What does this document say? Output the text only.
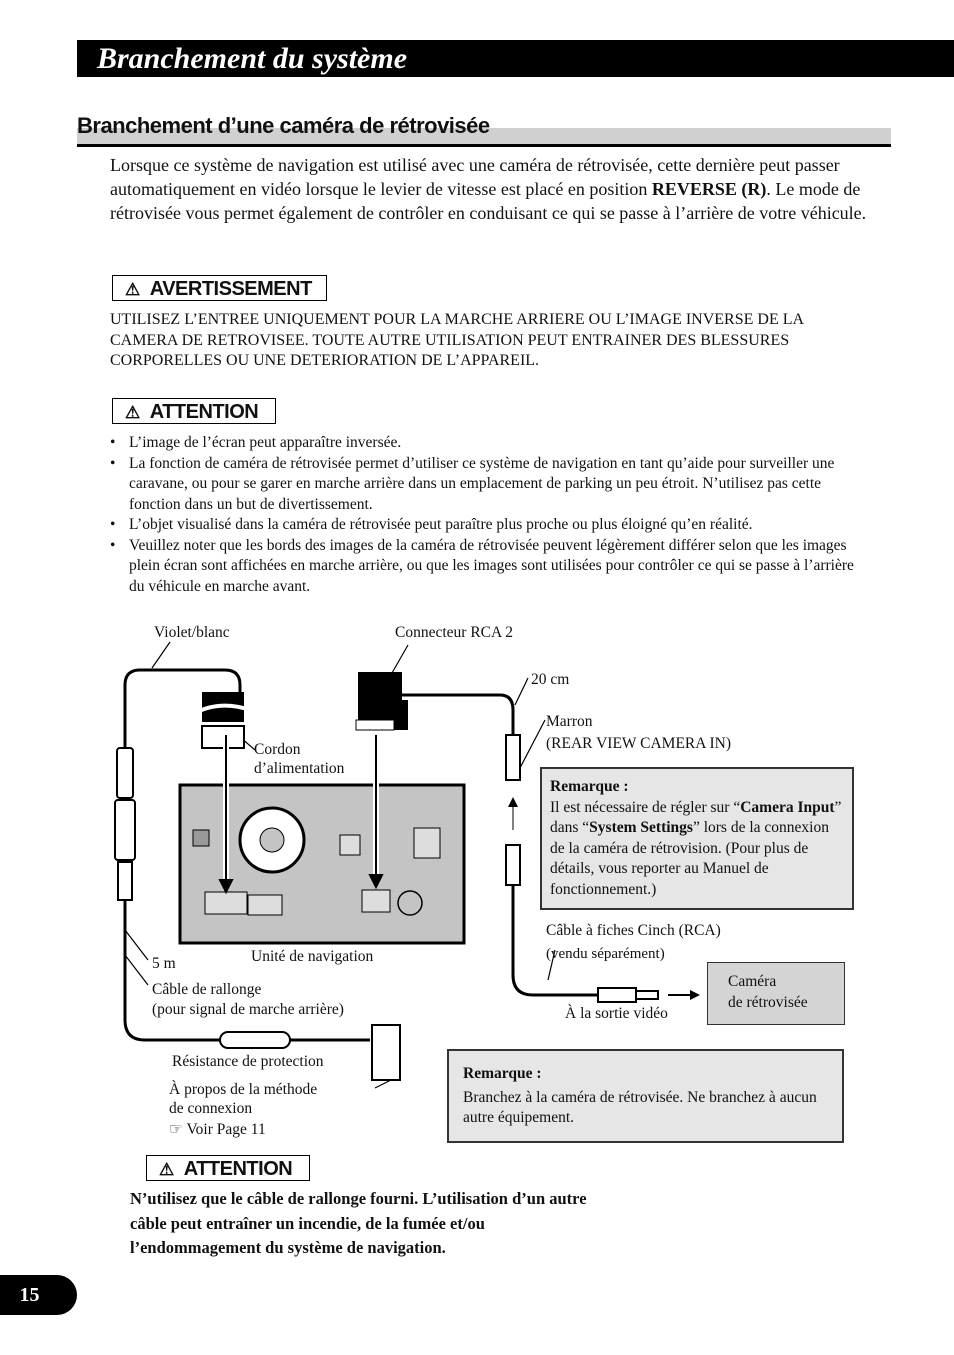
Branchement du système
Branchement d’une caméra de rétrovisée
Lorsque ce système de navigation est utilisé avec une caméra de rétrovisée, cette dernière peut passer automatiquement en vidéo lorsque le levier de vitesse est placé en position REVERSE (R). Le mode de rétrovisée vous permet également de contrôler en conduisant ce qui se passe à l’arrière de votre véhicule.
⚠ AVERTISSEMENT
UTILISEZ L’ENTREE UNIQUEMENT POUR LA MARCHE ARRIERE OU L’IMAGE INVERSE DE LA CAMERA DE RETROVISEE. TOUTE AUTRE UTILISATION PEUT ENTRAINER DES BLESSURES CORPORELLES OU UNE DETERIORATION DE L’APPAREIL.
⚠ ATTENTION
• L’image de l’écran peut apparaître inversée.
• La fonction de caméra de rétrovisée permet d’utiliser ce système de navigation en tant qu’aide pour surveiller une caravane, ou pour se garer en marche arrière dans un emplacement de parking un peu étroit. N’utilisez pas cette fonction dans un but de divertissement.
• L’objet visualisé dans la caméra de rétrovisée peut paraître plus proche ou plus éloigné qu’en réalité.
• Veuillez noter que les bords des images de la caméra de rétrovisée peuvent légèrement différer selon que les images plein écran sont affichées en marche arrière, ou que les images sont utilisées pour contrôler ce qui se passe à l’arrière du véhicule en marche avant.
Violet/blanc	Connecteur RCA 2
20 cm
Marron
(REAR VIEW CAMERA IN)
Cordon
d’alimentation
Unité de navigation
5 m
Câble de rallonge
(pour signal de marche arrière)
Résistance de protection
À propos de la méthode
de connexion
☞ Voir Page 11
Câble à fiches Cinch (RCA)
(vendu séparément)
À la sortie vidéo
Caméra
de rétrovisée
Remarque :
Il est nécessaire de régler sur “Camera Input” dans “System Settings” lors de la connexion de la caméra de rétrovision. (Pour plus de détails, vous reporter au Manuel de fonctionnement.)
Remarque :
Branchez à la caméra de rétrovisée. Ne branchez à aucun autre équipement.
⚠ ATTENTION
N’utilisez que le câble de rallonge fourni. L’utilisation d’un autre câble peut entraîner un incendie, de la fumée et/ou l’endommagement du système de navigation.
15
